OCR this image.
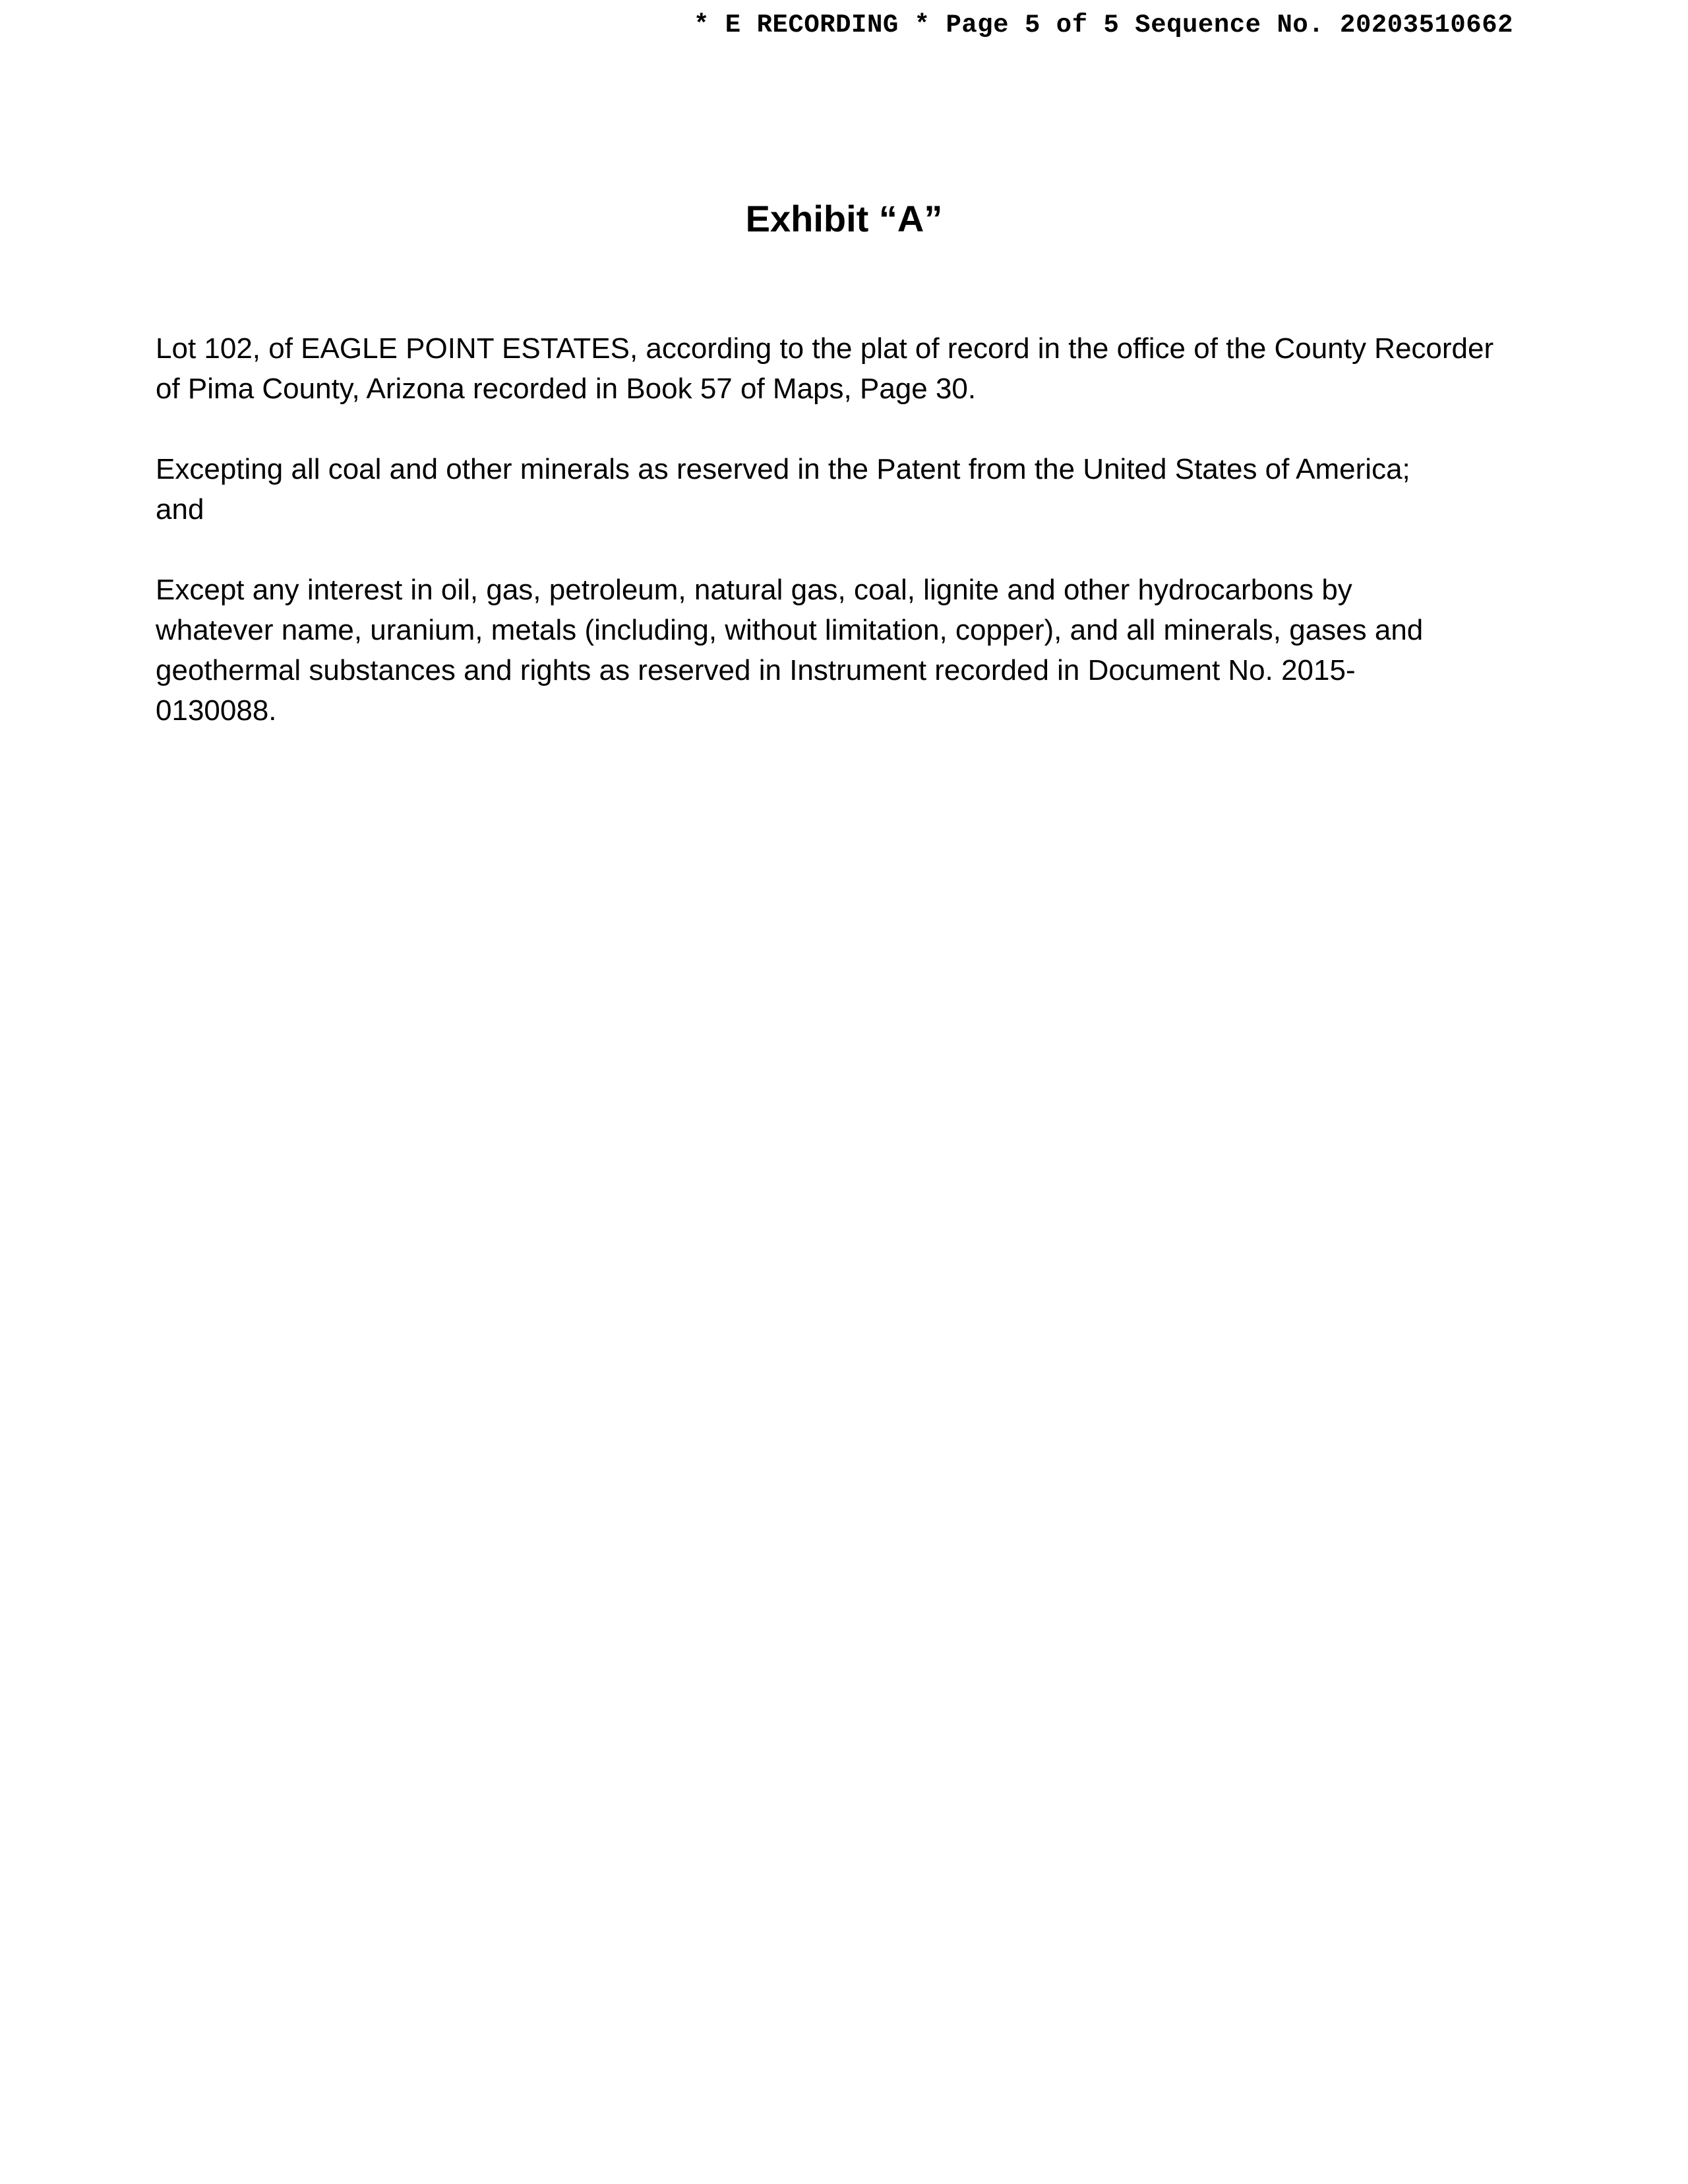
* E RECORDING * Page 5 of 5 Sequence No. 20203510662
Exhibit “A”

Lot 102, of EAGLE POINT ESTATES, according to the plat of record in the office of the County Recorder
of Pima County, Arizona recorded in Book 57 of Maps, Page 30.

Excepting all coal and other minerals as reserved in the Patent from the United States of America;
and

Except any interest in oil, gas, petroleum, natural gas, coal, lignite and other hydrocarbons by
whatever name, uranium, metals (including, without limitation, copper), and all minerals, gases and
geothermal substances and rights as reserved in Instrument recorded in Document No. 2015-
0130088.
